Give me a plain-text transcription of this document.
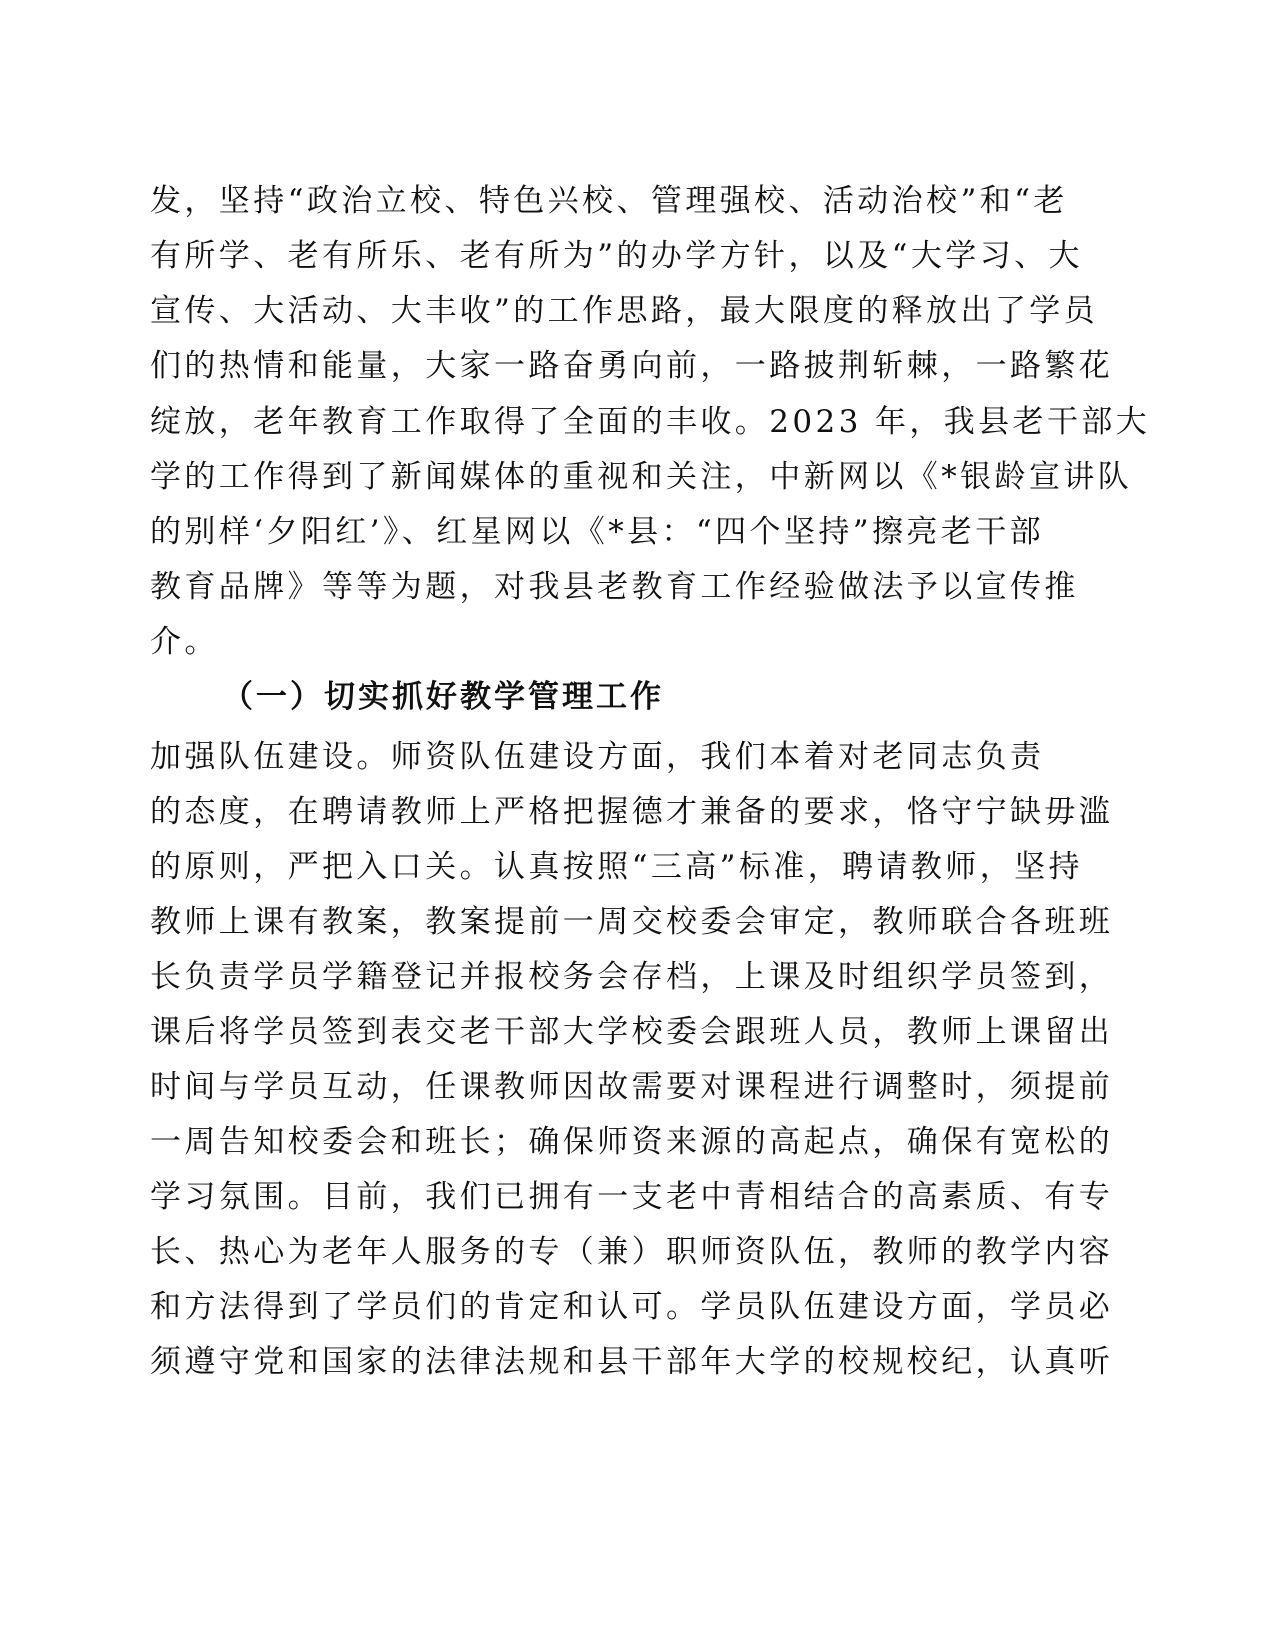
发，坚持“政治立校、特色兴校、管理强校、活动治校”和“老
有所学、老有所乐、老有所为”的办学方针，以及“大学习、大
宣传、大活动、大丰收”的工作思路，最大限度的释放出了学员
们的热情和能量，大家一路奋勇向前，一路披荆斩棘，一路繁花
绽放，老年教育工作取得了全面的丰收。2023 年，我县老干部大
学的工作得到了新闻媒体的重视和关注，中新网以《*银龄宣讲队
的别样‘夕阳红’》、红星网以《*县：“四个坚持”擦亮老干部
教育品牌》等等为题，对我县老教育工作经验做法予以宣传推
介。
（一）切实抓好教学管理工作
加强队伍建设。师资队伍建设方面，我们本着对老同志负责
的态度，在聘请教师上严格把握德才兼备的要求，恪守宁缺毋滥
的原则，严把入口关。认真按照“三高”标准，聘请教师，坚持
教师上课有教案，教案提前一周交校委会审定，教师联合各班班
长负责学员学籍登记并报校务会存档，上课及时组织学员签到，
课后将学员签到表交老干部大学校委会跟班人员，教师上课留出
时间与学员互动，任课教师因故需要对课程进行调整时，须提前
一周告知校委会和班长；确保师资来源的高起点，确保有宽松的
学习氛围。目前，我们已拥有一支老中青相结合的高素质、有专
长、热心为老年人服务的专（兼）职师资队伍，教师的教学内容
和方法得到了学员们的肯定和认可。学员队伍建设方面，学员必
须遵守党和国家的法律法规和县干部年大学的校规校纪，认真听
